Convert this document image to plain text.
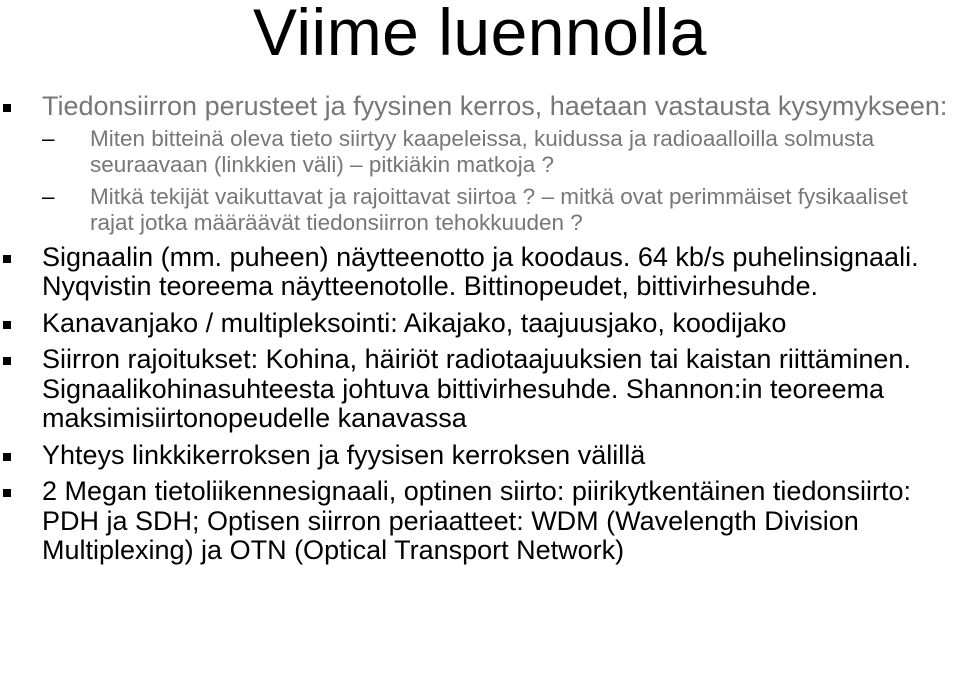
Viime luennolla
Tiedonsiirron perusteet ja fyysinen kerros, haetaan vastausta kysymykseen:
– Miten bitteinä oleva tieto siirtyy kaapeleissa, kuidussa ja radioaalloilla solmusta seuraavaan (linkkien väli) – pitkiäkin matkoja ?
– Mitkä tekijät vaikuttavat ja rajoittavat siirtoa ? – mitkä ovat perimmäiset fysikaaliset rajat jotka määräävät tiedonsiirron tehokkuuden ?
Signaalin (mm. puheen) näytteenotto ja koodaus. 64 kb/s puhelinsignaali. Nyqvistin teoreema näytteenotolle. Bittinopeudet, bittivirhesuhde.
Kanavanjako / multipleksointi: Aikajako, taajuusjako, koodijako
Siirron rajoitukset: Kohina, häiriöt radiotaajuuksien tai kaistan riittäminen. Signaalikohinasuhteesta johtuva bittivirhesuhde. Shannon:in teoreema maksimisiirtonopeudelle kanavassa
Yhteys linkkikerroksen ja fyysisen kerroksen välillä
2 Megan tietoliikennesignaali, optinen siirto: piirikytkentäinen tiedonsiirto: PDH ja SDH; Optisen siirron periaatteet: WDM (Wavelength Division Multiplexing) ja OTN (Optical Transport Network)
